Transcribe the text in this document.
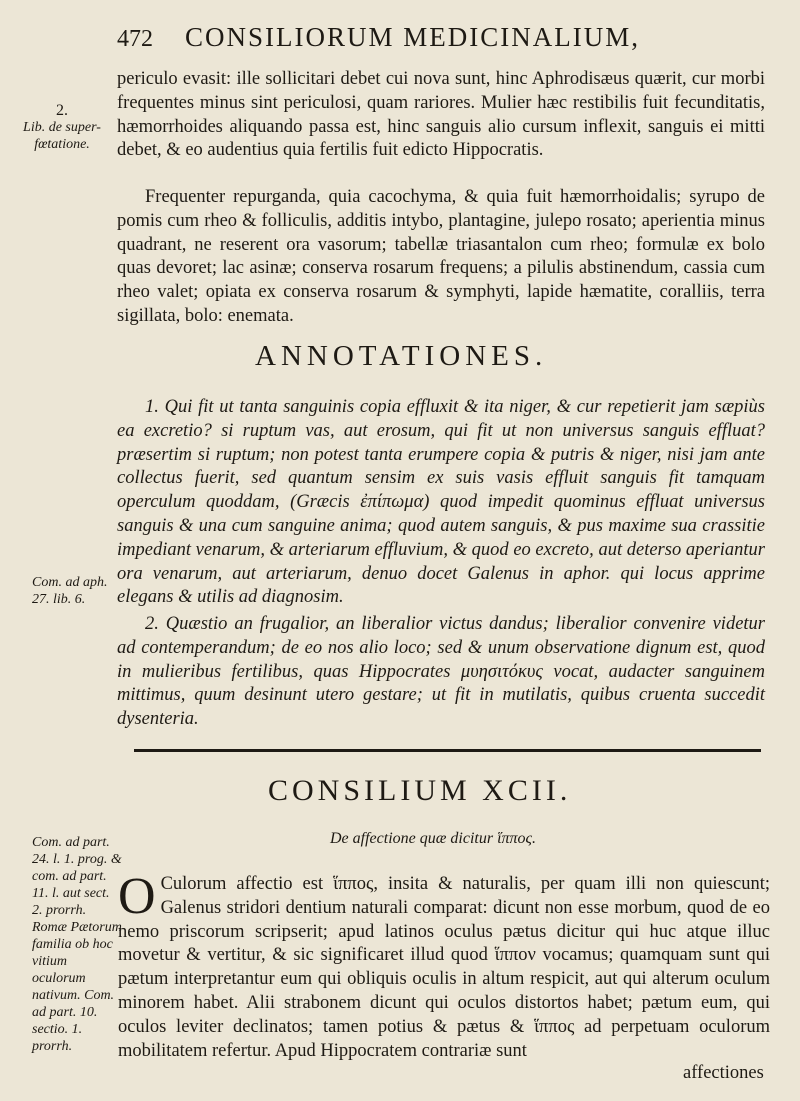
472 CONSILIORUM MEDICINALIUM,
2.
Lib. de super-fœtatione.
periculo evasit: ille sollicitari debet cui nova sunt, hinc Aphrodisæus quærit, cur morbi frequentes minus sint periculosi, quam rariores. Mulier hæc restibilis fuit fecunditatis, hæmorrhoides aliquando passa est, hinc sanguis alio cursum inflexit, sanguis ei mitti debet, & eo audentius quia fertilis fuit edicto Hippocratis.
Frequenter repurganda, quia cacochyma, & quia fuit hæmorrhoidalis; syrupo de pomis cum rheo & folliculis, additis intybo, plantagine, julepo rosato; aperientia minus quadrant, ne reserent ora vasorum; tabellæ triasantalon cum rheo; formulæ ex bolo quas devoret; lac asinæ; conserva rosarum frequens; a pilulis abstinendum, cassia cum rheo valet; opiata ex conserva rosarum & symphyti, lapide hæmatite, coralliis, terra sigillata, bolo: enemata.
ANNOTATIONES.
1. Qui fit ut tanta sanguinis copia effluxit & ita niger, & cur repetierit jam sæpiùs ea excretio? si ruptum vas, aut erosum, qui fit ut non universus sanguis effluat? præsertim si ruptum; non potest tanta erumpere copia & putris & niger, nisi jam ante collectus fuerit, sed quantum sensim ex suis vasis effluit sanguis fit tamquam operculum quoddam, (Græcis ἐπίπωμα) quod impedit quominus effluat universus sanguis & una cum sanguine anima; quod autem sanguis, & pus maxime sua crassitie impediant venarum, & arteriarum effluvium, & quod eo excreto, aut deterso aperiantur ora venarum, aut arteriarum, denuo docet Galenus in aphor. qui locus apprime elegans & utilis ad diagnosim.
Com. ad aph. 27. lib. 6.
2. Quæstio an frugalior, an liberalior victus dandus; liberalior convenire videtur ad contemperandum; de eo nos alio loco; sed & unum observatione dignum est, quod in mulieribus fertilibus, quas Hippocrates μυησιτόκυς vocat, audacter sanguinem mittimus, quum desinunt utero gestare; ut fit in mutilatis, quibus cruenta succedit dysenteria.
CONSILIUM XCII.
De affectione quæ dicitur ἵππος.
Com. ad part. 24. l. 1. prog. & com. ad part. 11. l. aut sect. 2. prorrh. Romæ Pætorum familia ob hoc vitium oculorum nativum. Com. ad part. 10. sectio. 1. prorrh.
O Culorum affectio est ἵππος, insita & naturalis, per quam illi non quiescunt; Galenus stridori dentium naturali comparat: dicunt non esse morbum, quod de eo nemo priscorum scripserit; apud latinos oculus pætus dicitur qui huc atque illuc movetur & vertitur, & sic significaret illud quod ἵππον vocamus; quamquam sunt qui pætum interpretantur eum qui obliquis oculis in altum respicit, aut qui alterum oculum minorem habet. Alii strabonem dicunt qui oculos distortos habet; pætum eum, qui oculos leviter declinatos; tamen potius & pætus & ἵππος ad perpetuam oculorum mobilitatem refertur. Apud Hippocratem contrariæ sunt
affectiones
